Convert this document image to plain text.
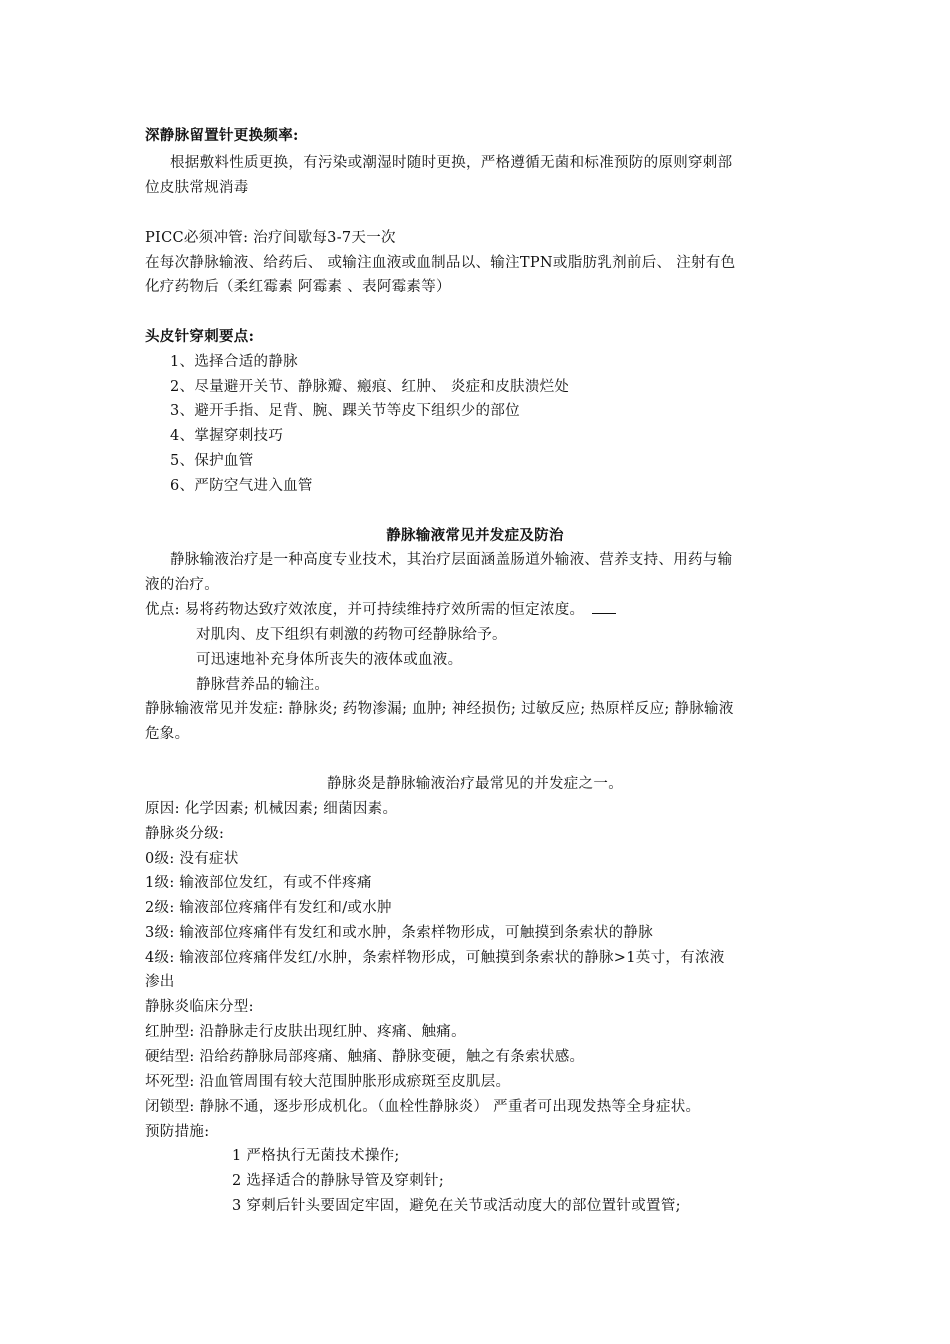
深静脉留置针更换频率:
根据敷料性质更换，有污染或潮湿时随时更换，严格遵循无菌和标准预防的原则穿刺部
位皮肤常规消毒
PICC必须冲管: 治疗间歇每3-7天一次
在每次静脉输液、给药后、 或输注血液或血制品以、输注TPN或脂肪乳剂前后、 注射有色
化疗药物后（柔红霉素 阿霉素 、表阿霉素等）
头皮针穿刺要点:
1、选择合适的静脉
2、尽量避开关节、静脉瓣、瘢痕、红肿、 炎症和皮肤溃烂处
3、避开手指、足背、腕、踝关节等皮下组织少的部位
4、掌握穿刺技巧
5、保护血管
6、严防空气进入血管
静脉输液常见并发症及防治
静脉输液治疗是一种高度专业技术，其治疗层面涵盖肠道外输液、营养支持、用药与输
液的治疗。
优点: 易将药物达致疗效浓度，并可持续维持疗效所需的恒定浓度。
对肌肉、皮下组织有刺激的药物可经静脉给予。
可迅速地补充身体所丧失的液体或血液。
静脉营养品的输注。
静脉输液常见并发症: 静脉炎; 药物渗漏; 血肿; 神经损伤; 过敏反应; 热原样反应; 静脉输液
危象。
静脉炎是静脉输液治疗最常见的并发症之一。
原因: 化学因素; 机械因素; 细菌因素。
静脉炎分级:
0级: 没有症状
1级: 输液部位发红，有或不伴疼痛
2级: 输液部位疼痛伴有发红和/或水肿
3级: 输液部位疼痛伴有发红和或水肿，条索样物形成，可触摸到条索状的静脉
4级: 输液部位疼痛伴发红/水肿，条索样物形成，可触摸到条索状的静脉>1英寸，有浓液
渗出
静脉炎临床分型:
红肿型: 沿静脉走行皮肤出现红肿、疼痛、触痛。
硬结型: 沿给药静脉局部疼痛、触痛、静脉变硬，触之有条索状感。
坏死型: 沿血管周围有较大范围肿胀形成瘀斑至皮肌层。
闭锁型: 静脉不通，逐步形成机化。（血栓性静脉炎） 严重者可出现发热等全身症状。
预防措施:
1 严格执行无菌技术操作;
2 选择适合的静脉导管及穿刺针;
3 穿刺后针头要固定牢固，避免在关节或活动度大的部位置针或置管;
